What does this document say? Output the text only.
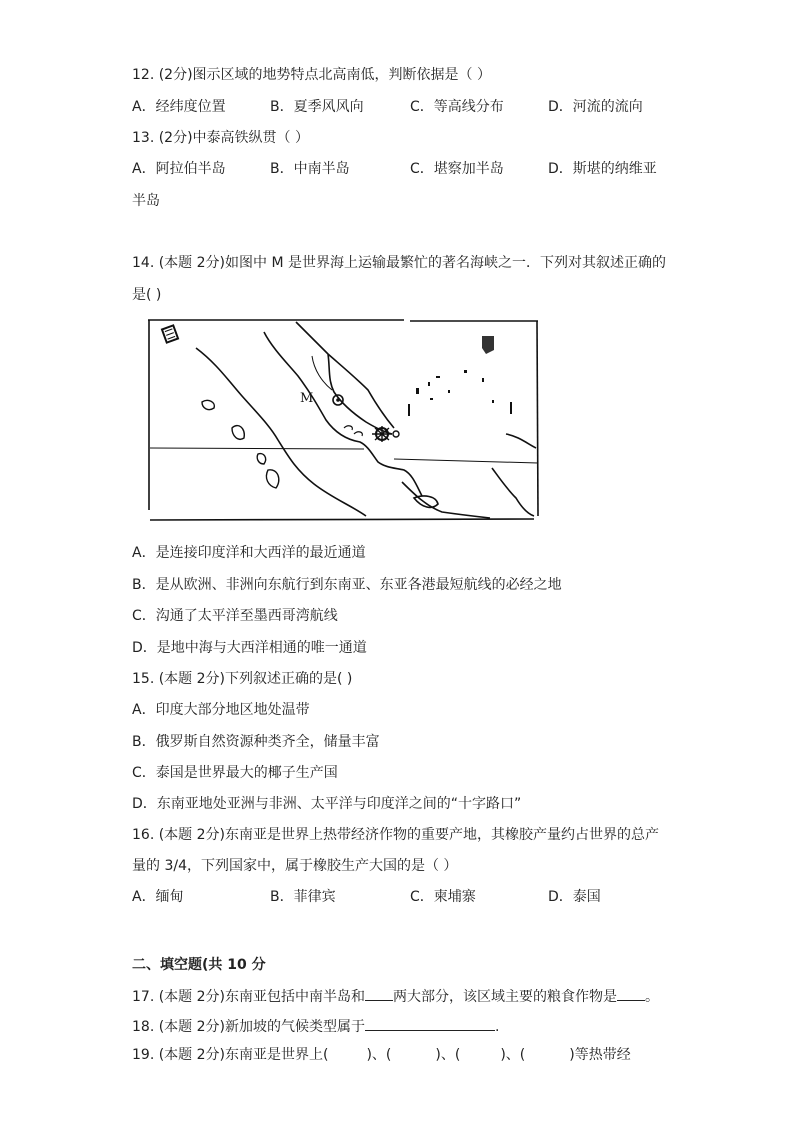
12. (2分)图示区域的地势特点北高南低，判断依据是（ ）
A．经纬度位置	B．夏季风风向	C．等高线分布	D．河流的流向
13. (2分)中泰高铁纵贯（ ）
A．阿拉伯半岛	B．中南半岛	C．堪察加半岛	D．斯堪的纳维亚
半岛
14. (本题 2分)如图中 M 是世界海上运输最繁忙的著名海峡之一．下列对其叙述正确的
是( )
M
A．是连接印度洋和大西洋的最近通道
B．是从欧洲、非洲向东航行到东南亚、东亚各港最短航线的必经之地
C．沟通了太平洋至墨西哥湾航线
D．是地中海与大西洋相通的唯一通道
15. (本题 2分)下列叙述正确的是( )
A．印度大部分地区地处温带
B．俄罗斯自然资源种类齐全，储量丰富
C．泰国是世界最大的椰子生产国
D．东南亚地处亚洲与非洲、太平洋与印度洋之间的“十字路口”
16. (本题 2分)东南亚是世界上热带经济作物的重要产地，其橡胶产量约占世界的总产
量的 3/4，下列国家中，属于橡胶生产大国的是（ ）
A．缅甸	B．菲律宾	C．柬埔寨	D．泰国
二、填空题(共 10 分
17. (本题 2分)东南亚包括中南半岛和 两大部分，该区域主要的粮食作物是 。
18. (本题 2分)新加坡的气候类型属于	.
19. (本题 2分)东南亚是世界上(	)、(	)、(	)、(	)等热带经
